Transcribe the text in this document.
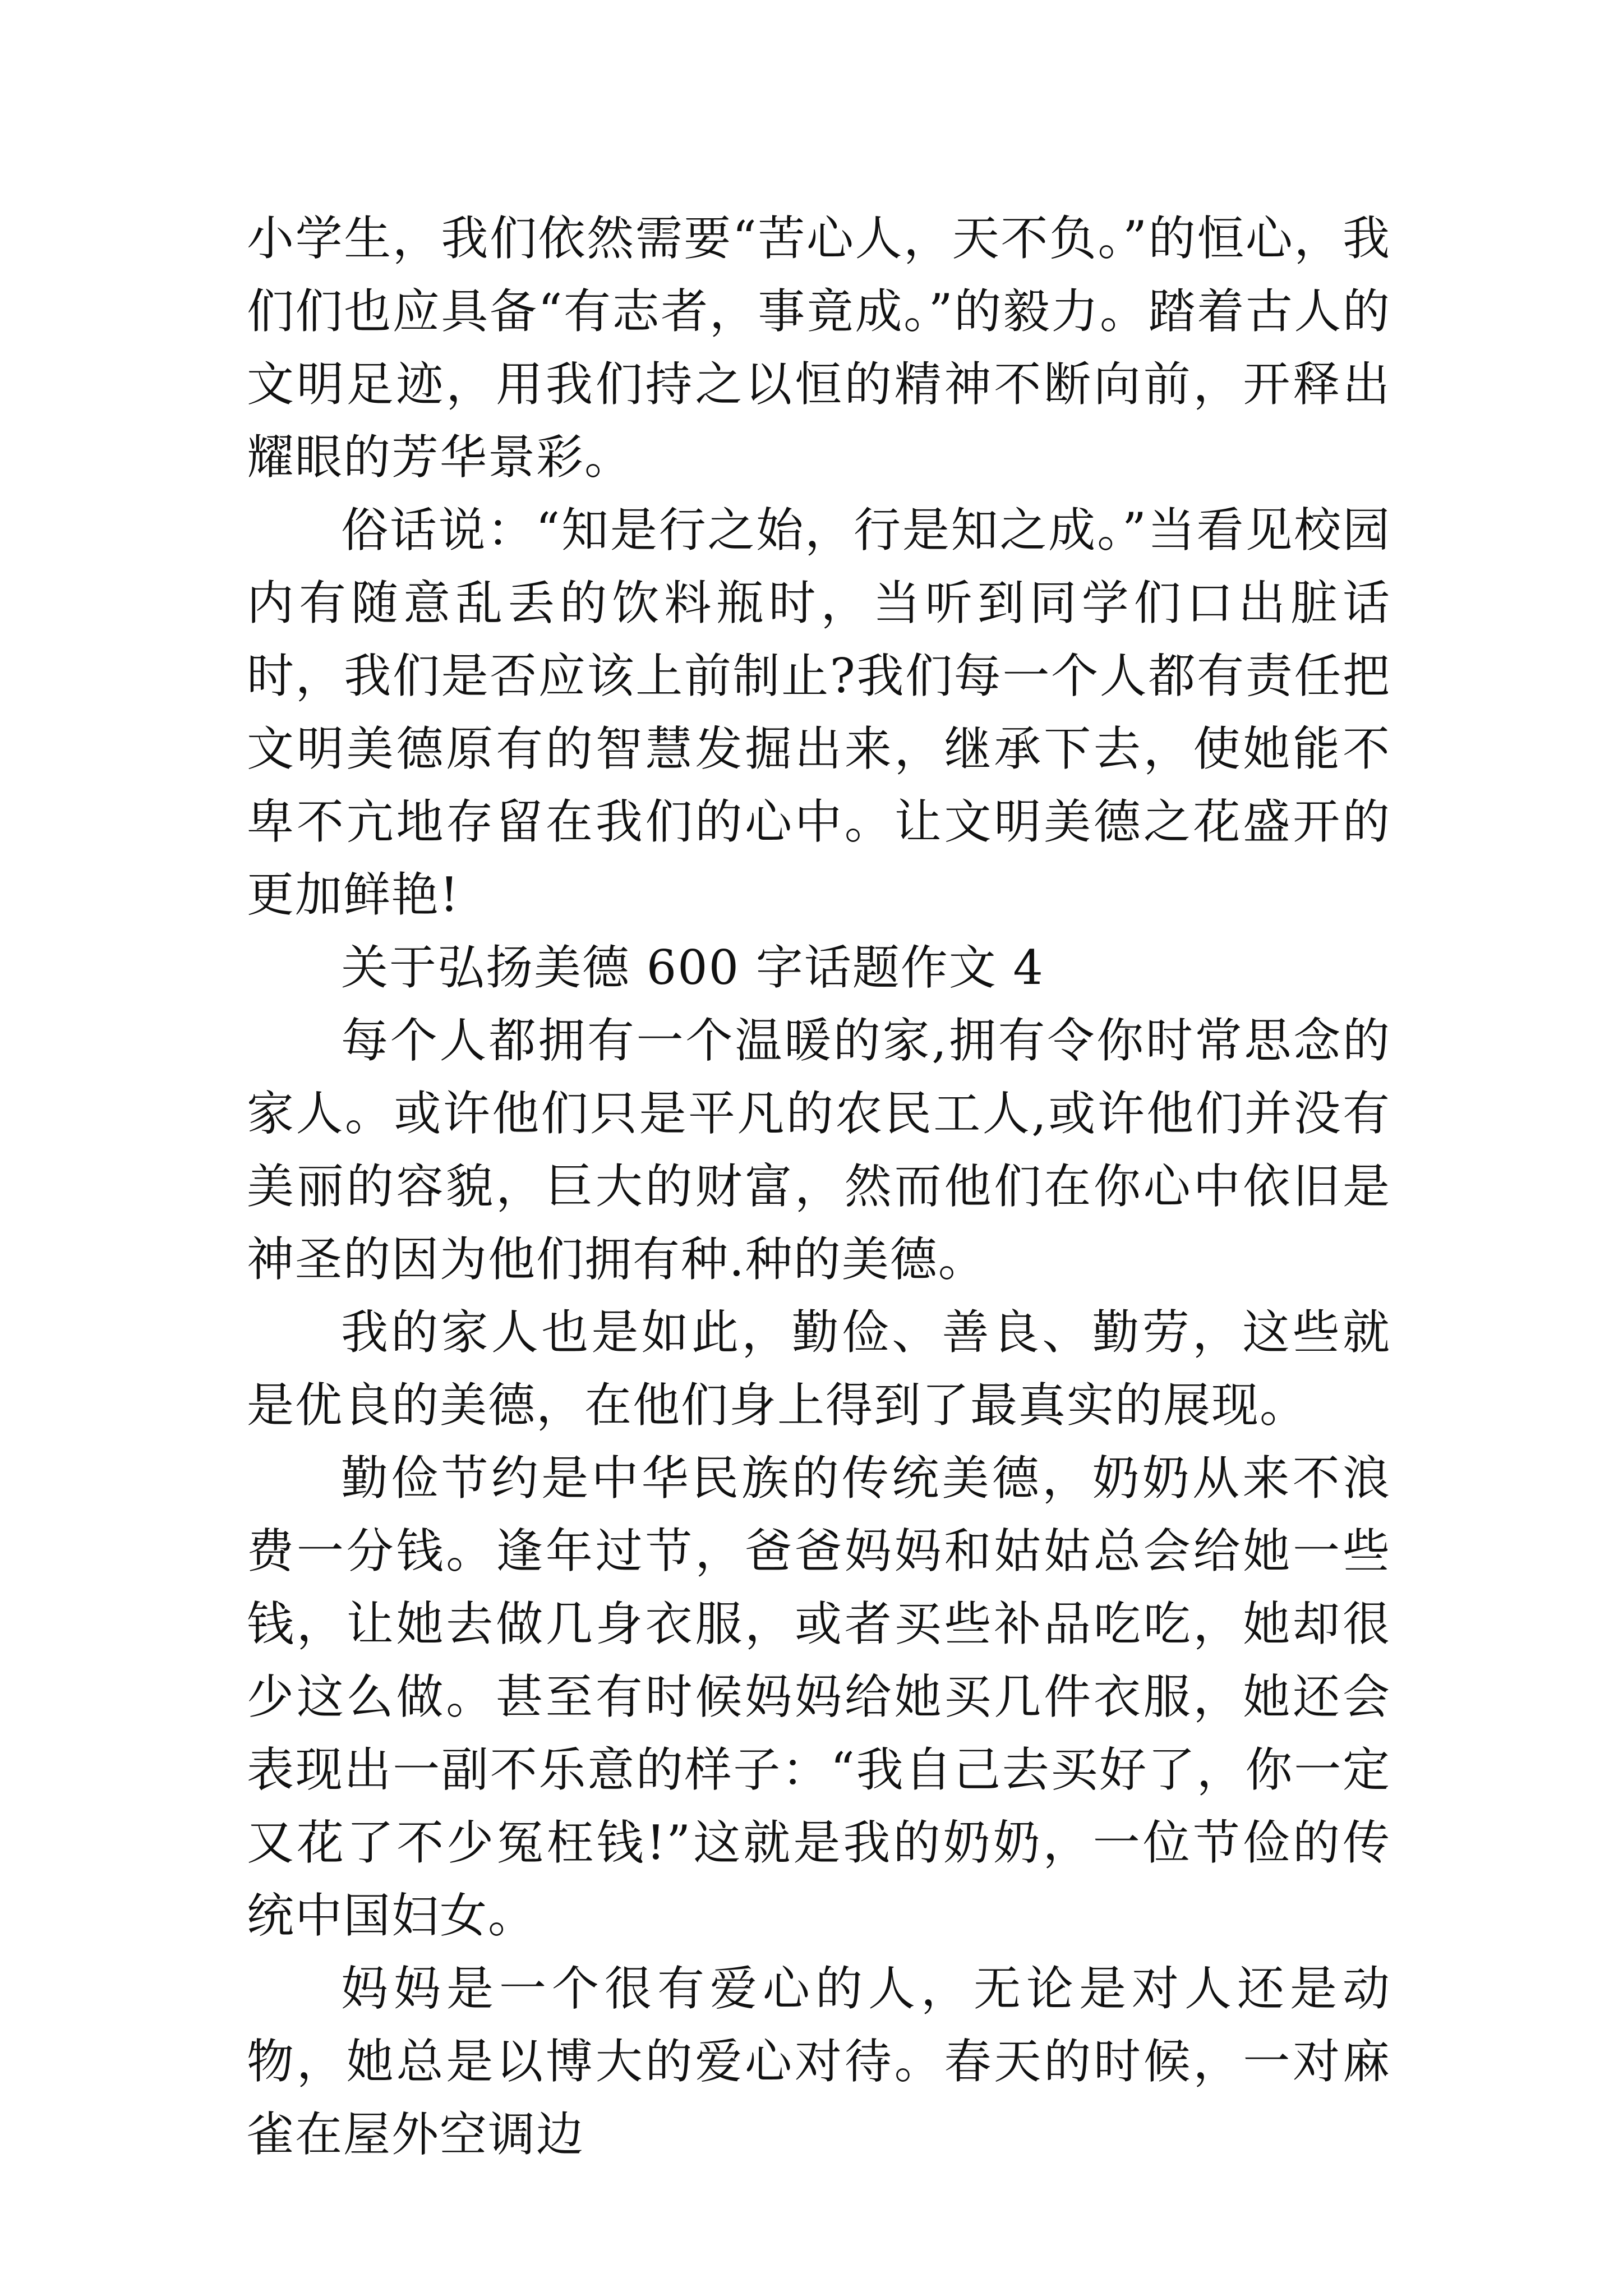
小学生，我们依然需要“苦心人，天不负。”的恒心，我们们也应具备“有志者，事竟成。”的毅力。踏着古人的文明足迹，用我们持之以恒的精神不断向前，开释出耀眼的芳华景彩。

俗话说：“知是行之始，行是知之成。”当看见校园内有随意乱丢的饮料瓶时，当听到同学们口出脏话时，我们是否应该上前制止?我们每一个人都有责任把文明美德原有的智慧发掘出来，继承下去，使她能不卑不亢地存留在我们的心中。让文明美德之花盛开的更加鲜艳!

关于弘扬美德 600 字话题作文 4

每个人都拥有一个温暖的家,拥有令你时常思念的家人。或许他们只是平凡的农民工人,或许他们并没有美丽的容貌，巨大的财富，然而他们在你心中依旧是神圣的因为他们拥有种.种的美德。

我的家人也是如此，勤俭、善良、勤劳，这些就是优良的美德，在他们身上得到了最真实的展现。

勤俭节约是中华民族的传统美德，奶奶从来不浪费一分钱。逢年过节，爸爸妈妈和姑姑总会给她一些钱，让她去做几身衣服，或者买些补品吃吃，她却很少这么做。甚至有时候妈妈给她买几件衣服，她还会表现出一副不乐意的样子：“我自己去买好了，你一定又花了不少冤枉钱!”这就是我的奶奶，一位节俭的传统中国妇女。

妈妈是一个很有爱心的人，无论是对人还是动物，她总是以博大的爱心对待。春天的时候，一对麻雀在屋外空调边
